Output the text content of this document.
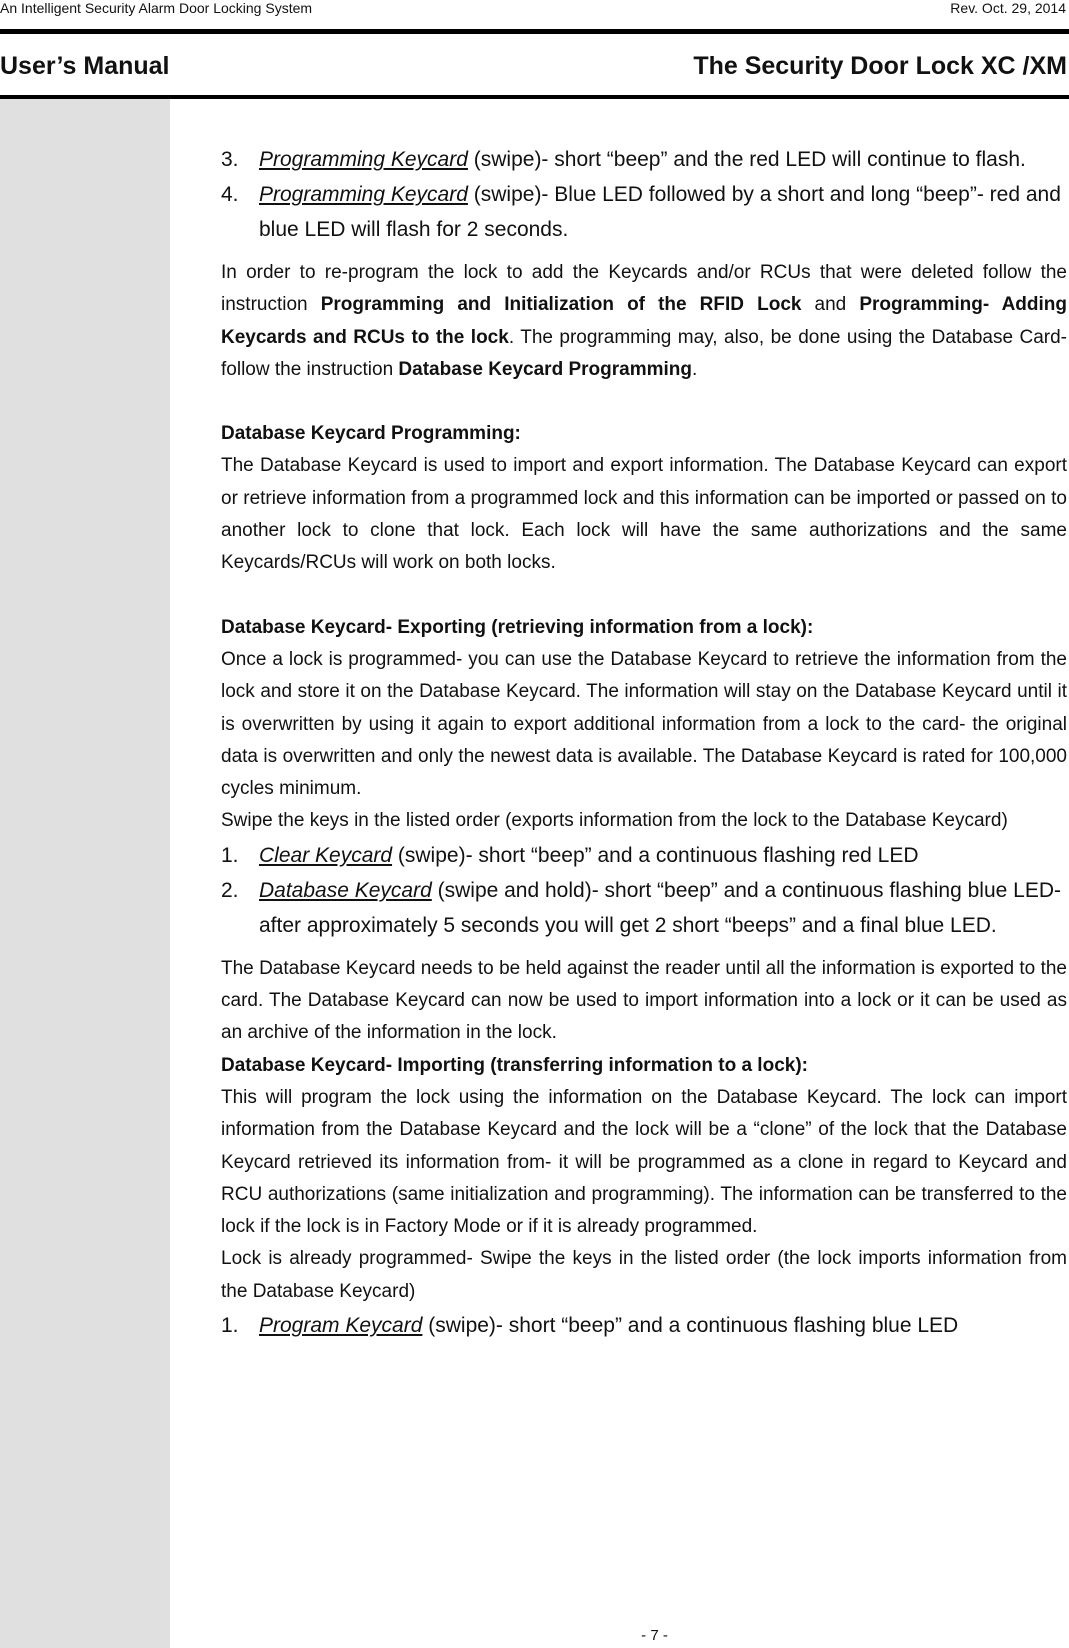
An Intelligent Security Alarm Door Locking System	Rev. Oct. 29, 2014
User’s Manual	The Security Door Lock XC /XM
3. Programming Keycard (swipe)- short “beep” and the red LED will continue to flash.
4. Programming Keycard (swipe)- Blue LED followed by a short and long “beep”- red and blue LED will flash for 2 seconds.

In order to re-program the lock to add the Keycards and/or RCUs that were deleted follow the instruction Programming and Initialization of the RFID Lock and Programming- Adding Keycards and RCUs to the lock. The programming may, also, be done using the Database Card- follow the instruction Database Keycard Programming.

Database Keycard Programming:

The Database Keycard is used to import and export information. The Database Keycard can export or retrieve information from a programmed lock and this information can be imported or passed on to another lock to clone that lock. Each lock will have the same authorizations and the same Keycards/RCUs will work on both locks.

Database Keycard- Exporting (retrieving information from a lock):

Once a lock is programmed- you can use the Database Keycard to retrieve the information from the lock and store it on the Database Keycard. The information will stay on the Database Keycard until it is overwritten by using it again to export additional information from a lock to the card- the original data is overwritten and only the newest data is available. The Database Keycard is rated for 100,000 cycles minimum.

Swipe the keys in the listed order (exports information from the lock to the Database Keycard)

1. Clear Keycard (swipe)- short “beep” and a continuous flashing red LED
2. Database Keycard (swipe and hold)- short “beep” and a continuous flashing blue LED- after approximately 5 seconds you will get 2 short “beeps” and a final blue LED.

The Database Keycard needs to be held against the reader until all the information is exported to the card. The Database Keycard can now be used to import information into a lock or it can be used as an archive of the information in the lock.

Database Keycard- Importing (transferring information to a lock):

This will program the lock using the information on the Database Keycard. The lock can import information from the Database Keycard and the lock will be a “clone” of the lock that the Database Keycard retrieved its information from- it will be programmed as a clone in regard to Keycard and RCU authorizations (same initialization and programming). The information can be transferred to the lock if the lock is in Factory Mode or if it is already programmed.

Lock is already programmed- Swipe the keys in the listed order (the lock imports information from the Database Keycard)

1. Program Keycard (swipe)- short “beep” and a continuous flashing blue LED
- 7 -
